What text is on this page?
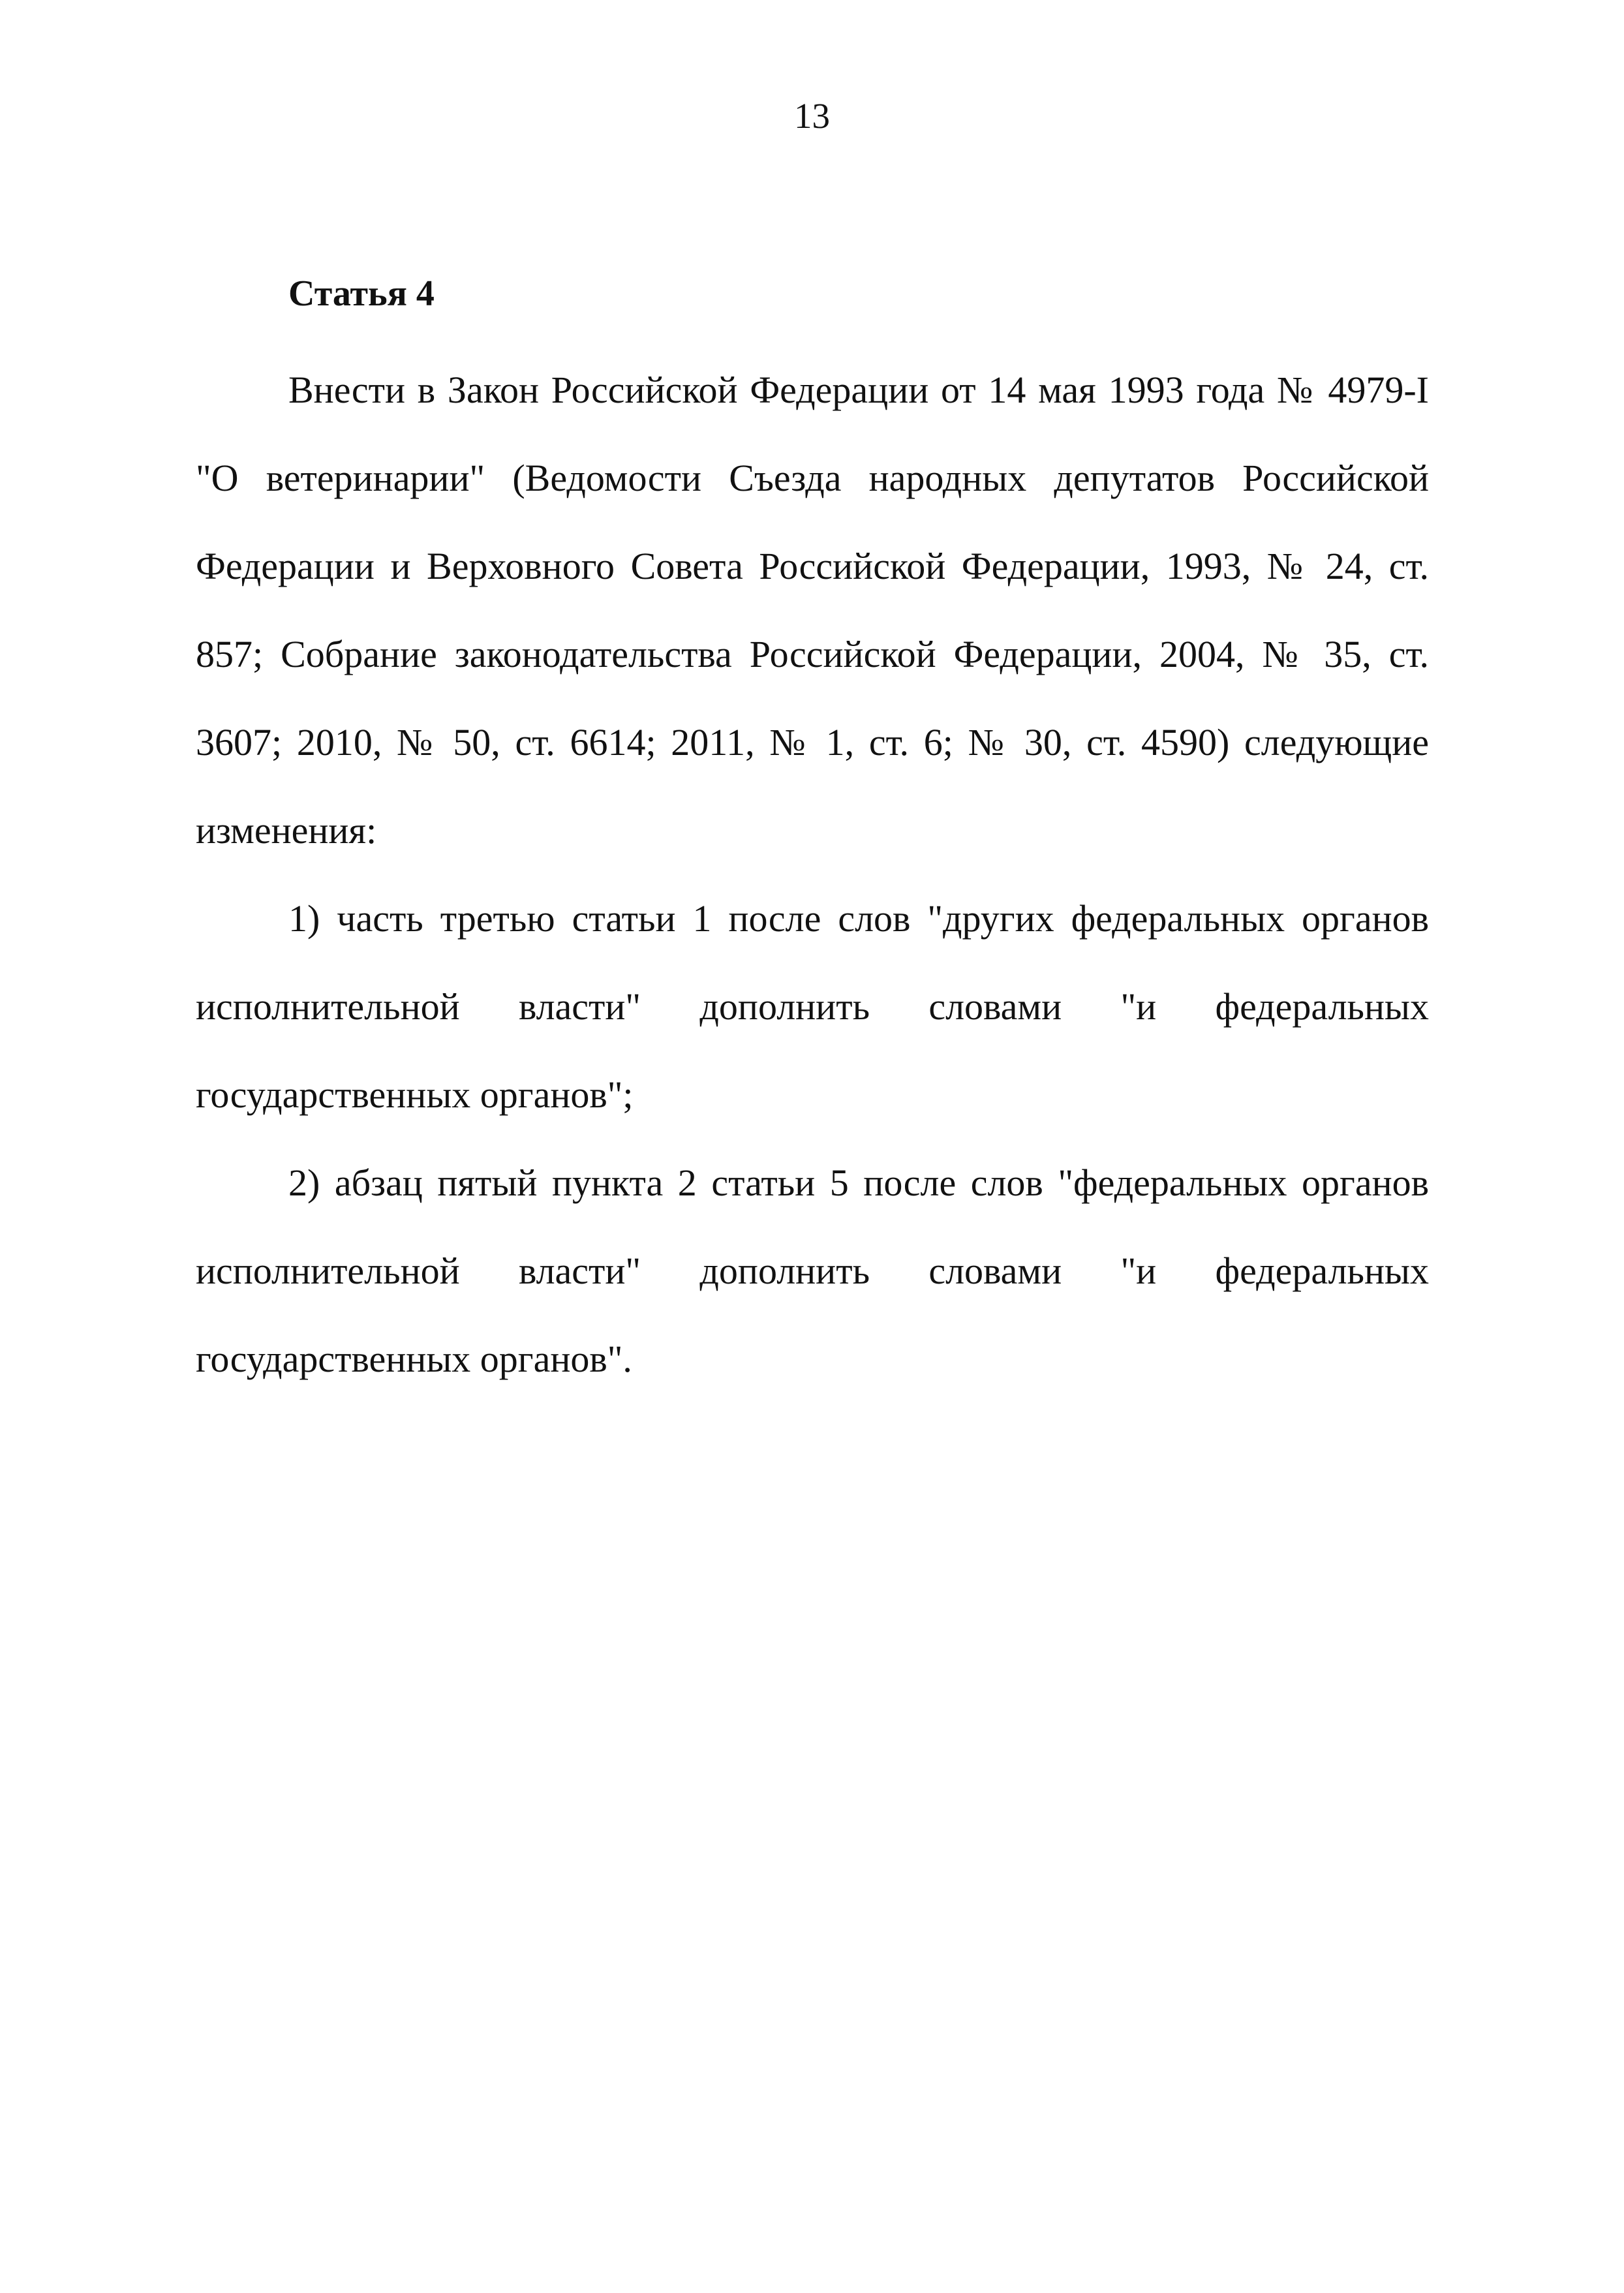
13

Статья 4

Внести в Закон Российской Федерации от 14 мая 1993 года № 4979-I "О ветеринарии" (Ведомости Съезда народных депутатов Российской Федерации и Верховного Совета Российской Федерации, 1993, № 24, ст. 857; Собрание законодательства Российской Федерации, 2004, № 35, ст. 3607; 2010, № 50, ст. 6614; 2011, № 1, ст. 6; № 30, ст. 4590) следующие изменения:

1) часть третью статьи 1 после слов "других федеральных органов исполнительной власти" дополнить словами "и федеральных государственных органов";

2) абзац пятый пункта 2 статьи 5 после слов "федеральных органов исполнительной власти" дополнить словами "и федеральных государственных органов".
